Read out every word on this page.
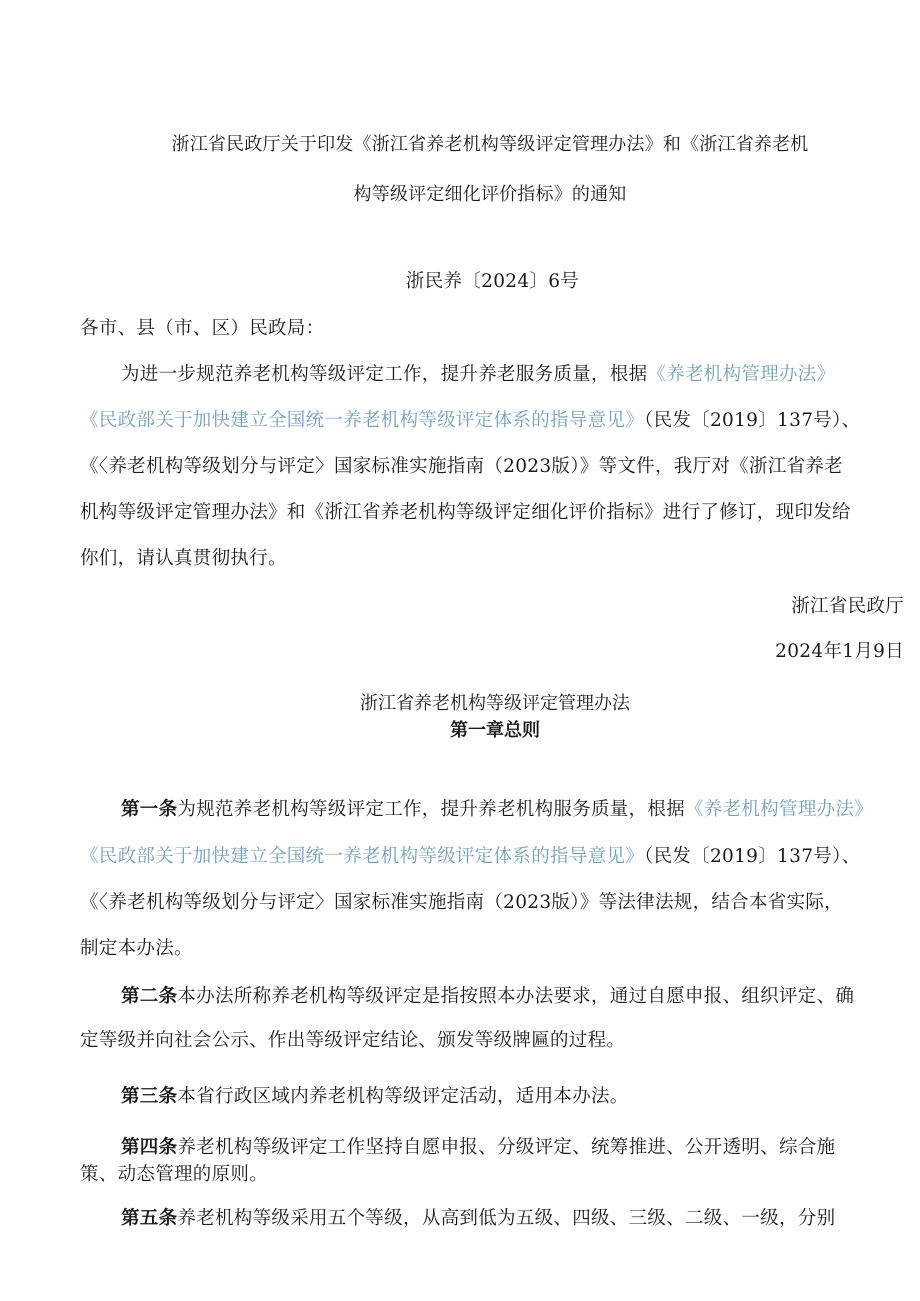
浙江省民政厅关于印发《浙江省养老机构等级评定管理办法》和《浙江省养老机
构等级评定细化评价指标》的通知
浙民养〔2024〕6号
各市、县（市、区）民政局：
为进一步规范养老机构等级评定工作，提升养老服务质量，根据《养老机构管理办法》
《民政部关于加快建立全国统一养老机构等级评定体系的指导意见》（民发〔2019〕137号）、
《〈养老机构等级划分与评定〉国家标准实施指南（2023版）》等文件，我厅对《浙江省养老
机构等级评定管理办法》和《浙江省养老机构等级评定细化评价指标》进行了修订，现印发给
你们，请认真贯彻执行。
浙江省民政厅
2024年1月9日
浙江省养老机构等级评定管理办法
第一章总则
第一条为规范养老机构等级评定工作，提升养老机构服务质量，根据《养老机构管理办法》
《民政部关于加快建立全国统一养老机构等级评定体系的指导意见》（民发〔2019〕137号）、
《〈养老机构等级划分与评定〉国家标准实施指南（2023版）》等法律法规，结合本省实际，
制定本办法。
第二条本办法所称养老机构等级评定是指按照本办法要求，通过自愿申报、组织评定、确
定等级并向社会公示、作出等级评定结论、颁发等级牌匾的过程。
第三条本省行政区域内养老机构等级评定活动，适用本办法。
第四条养老机构等级评定工作坚持自愿申报、分级评定、统筹推进、公开透明、综合施
策、动态管理的原则。
第五条养老机构等级采用五个等级，从高到低为五级、四级、三级、二级、一级，分别
